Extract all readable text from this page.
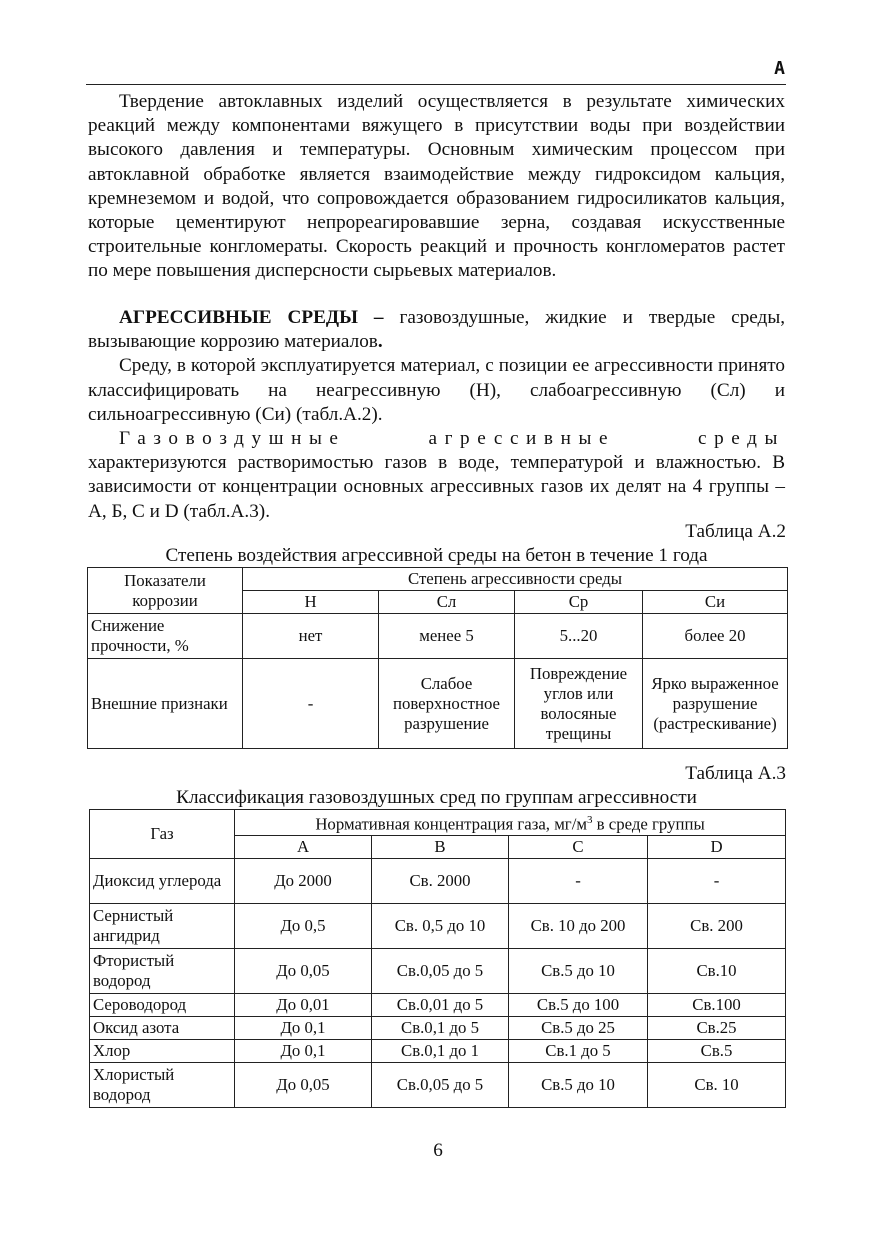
А

Твердение автоклавных изделий осуществляется в результате химических реакций между компонентами вяжущего в присутствии воды при воздействии высокого давления и температуры. Основным химическим процессом при автоклавной обработке является взаимодействие между гидроксидом кальция, кремнеземом и водой, что сопровождается образованием гидросиликатов кальция, которые цементируют непрореагировавшие зерна, создавая искусственные строительные конгломераты. Скорость реакций и прочность конгломератов растет по мере повышения дисперсности сырьевых материалов.

АГРЕССИВНЫЕ СРЕДЫ – газовоздушные, жидкие и твердые среды, вызывающие коррозию материалов.

Среду, в которой эксплуатируется материал, с позиции ее агрессивности принято классифицировать на неагрессивную (Н), слабоагрессивную (Сл) и сильноагрессивную (Си) (табл.А.2).

Газовоздушные агрессивные среды характеризуются растворимостью газов в воде, температурой и влажностью. В зависимости от концентрации основных агрессивных газов их делят на 4 группы – А, Б, С и D (табл.А.3).

Таблица А.2
Степень воздействия агрессивной среды на бетон в течение 1 года
Показатели коррозии	Степень агрессивности среды			
	Н	Сл	Ср	Си
Снижение прочности, %	нет	менее 5	5...20	более 20
Внешние признаки	-	Слабое поверхностное разрушение	Повреждение углов или волосяные трещины	Ярко выраженное разрушение (растрескивание)
Таблица А.3
Классификация газовоздушных сред по группам агрессивности
Газ	Нормативная концентрация газа, $мг/м^3$ в среде группы			
	А	В	С	D
Диоксид углерода	До 2000	Св. 2000	-	-
Сернистый ангидрид	До 0,5	Св. 0,5 до 10	Св. 10 до 200	Св. 200
Фтористый водород	До 0,05	Св.0,05 до 5	Св.5 до 10	Св.10
Сероводород	До 0,01	Св.0,01 до 5	Св.5 до 100	Св.100
Оксид азота	До 0,1	Св.0,1 до 5	Св.5 до 25	Св.25
Хлор	До 0,1	Св.0,1 до 1	Св.1 до 5	Св.5
Хлористый водород	До 0,05	Св.0,05 до 5	Св.5 до 10	Св. 10
6
